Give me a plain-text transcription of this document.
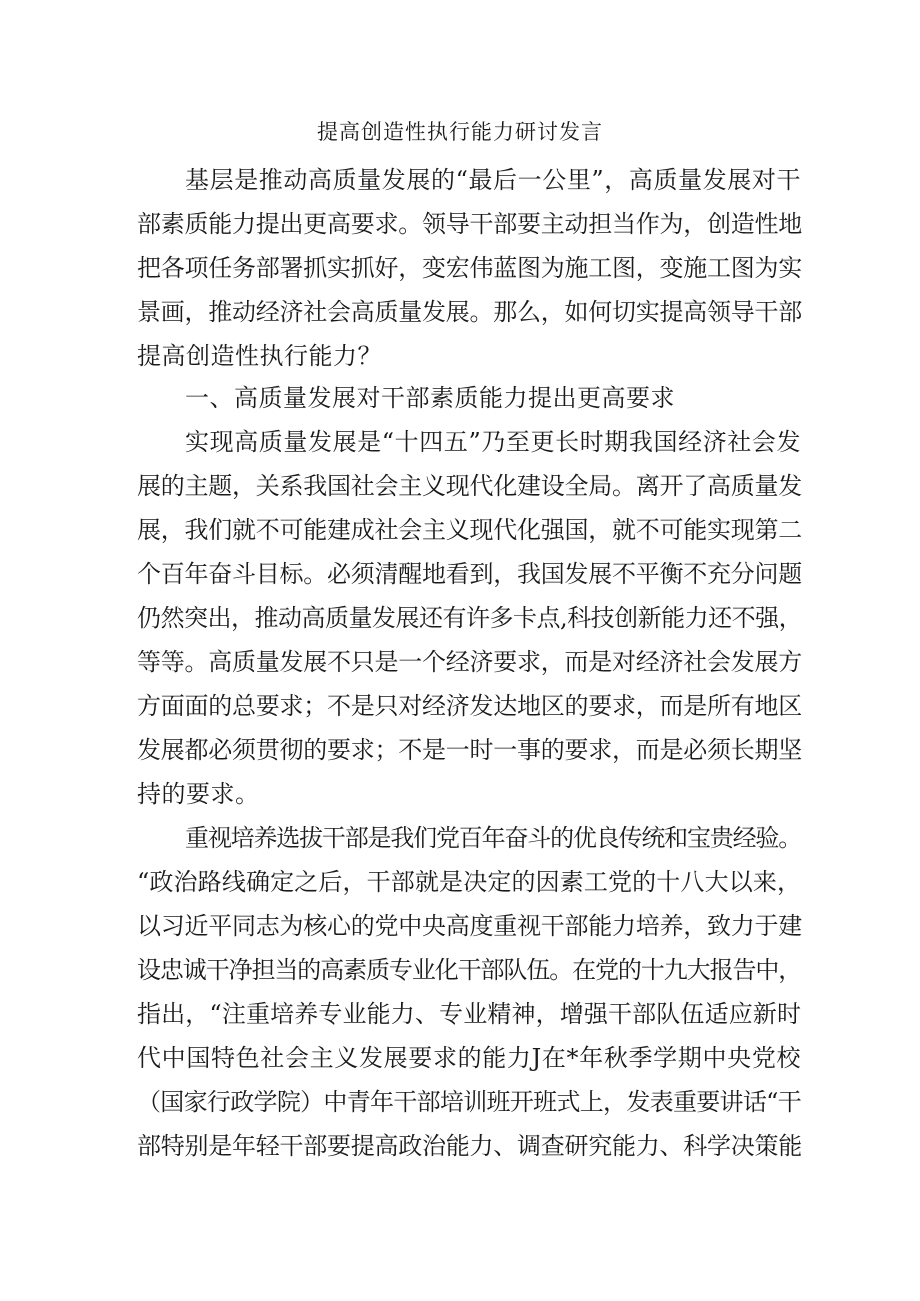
提高创造性执行能力研讨发言
基层是推动高质量发展的“最后一公里”，高质量发展对干
部素质能力提出更高要求。领导干部要主动担当作为，创造性地
把各项任务部署抓实抓好，变宏伟蓝图为施工图，变施工图为实
景画，推动经济社会高质量发展。那么，如何切实提高领导干部
提高创造性执行能力？
一、高质量发展对干部素质能力提出更高要求
实现高质量发展是“十四五”乃至更长时期我国经济社会发
展的主题，关系我国社会主义现代化建设全局。离开了高质量发
展，我们就不可能建成社会主义现代化强国，就不可能实现第二
个百年奋斗目标。必须清醒地看到，我国发展不平衡不充分问题
仍然突出，推动高质量发展还有许多卡点,科技创新能力还不强，
等等。高质量发展不只是一个经济要求，而是对经济社会发展方
方面面的总要求；不是只对经济发达地区的要求，而是所有地区
发展都必须贯彻的要求；不是一时一事的要求，而是必须长期坚
持的要求。
重视培养选拔干部是我们党百年奋斗的优良传统和宝贵经验。
“政治路线确定之后，干部就是决定的因素工党的十八大以来，
以习近平同志为核心的党中央高度重视干部能力培养，致力于建
设忠诚干净担当的高素质专业化干部队伍。在党的十九大报告中，
指出，“注重培养专业能力、专业精神，增强干部队伍适应新时
代中国特色社会主义发展要求的能力J在*年秋季学期中央党校
（国家行政学院）中青年干部培训班开班式上，发表重要讲话“干
部特别是年轻干部要提高政治能力、调查研究能力、科学决策能
